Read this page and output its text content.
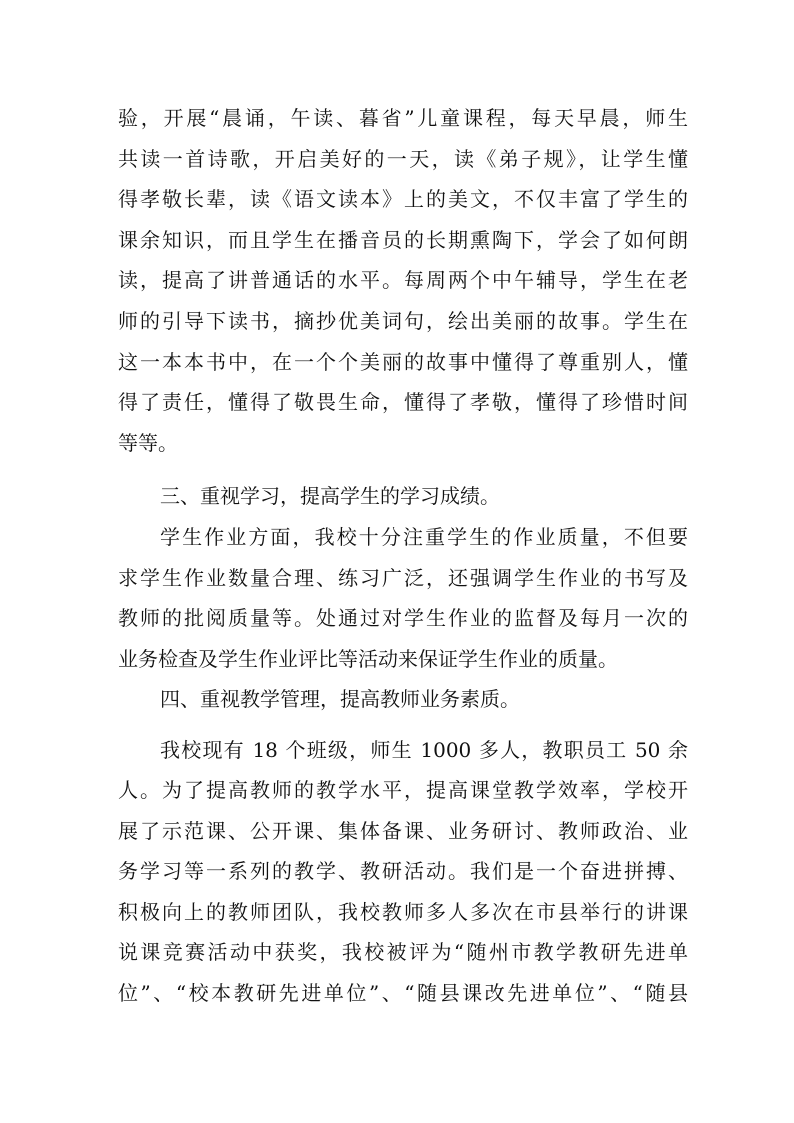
验，开展“晨诵，午读、暮省”儿童课程，每天早晨，师生
共读一首诗歌，开启美好的一天，读《弟子规》，让学生懂
得孝敬长辈，读《语文读本》上的美文，不仅丰富了学生的
课余知识，而且学生在播音员的长期熏陶下，学会了如何朗
读，提高了讲普通话的水平。每周两个中午辅导，学生在老
师的引导下读书，摘抄优美词句，绘出美丽的故事。学生在
这一本本书中，在一个个美丽的故事中懂得了尊重别人，懂
得了责任，懂得了敬畏生命，懂得了孝敬，懂得了珍惜时间
等等。
三、重视学习，提高学生的学习成绩。
学生作业方面，我校十分注重学生的作业质量，不但要
求学生作业数量合理、练习广泛，还强调学生作业的书写及
教师的批阅质量等。处通过对学生作业的监督及每月一次的
业务检查及学生作业评比等活动来保证学生作业的质量。
四、重视教学管理，提高教师业务素质。
我校现有 18 个班级，师生 1000 多人，教职员工 50 余
人。为了提高教师的教学水平，提高课堂教学效率，学校开
展了示范课、公开课、集体备课、业务研讨、教师政治、业
务学习等一系列的教学、教研活动。我们是一个奋进拼搏、
积极向上的教师团队，我校教师多人多次在市县举行的讲课
说课竞赛活动中获奖，我校被评为“随州市教学教研先进单
位”、“校本教研先进单位”、“随县课改先进单位”、“随县
